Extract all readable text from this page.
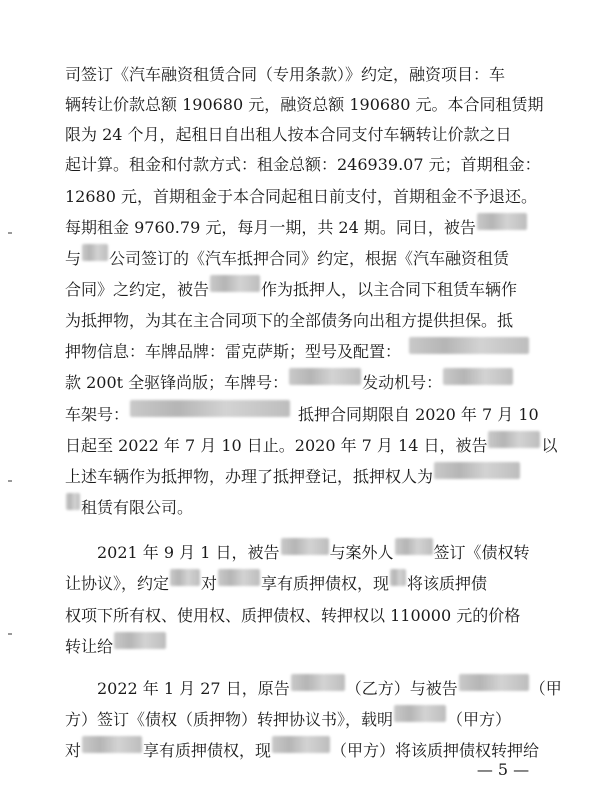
司签订《汽车融资租赁合同（专用条款）》约定，融资项目：车
辆转让价款总额 190680 元，融资总额 190680 元。本合同租赁期
限为 24 个月，起租日自出租人按本合同支付车辆转让价款之日
起计算。租金和付款方式：租金总额：246939.07 元；首期租金：
12680 元，首期租金于本合同起租日前支付，首期租金不予退还。
每期租金 9760.79 元，每月一期，共 24 期。同日，被告
与 公司签订的《汽车抵押合同》约定，根据《汽车融资租赁
合同》之约定，被告	作为抵押人，以主合同下租赁车辆作
为抵押物，为其在主合同项下的全部债务向出租方提供担保。抵
押物信息：车牌品牌：雷克萨斯；型号及配置：
款 200t 全驱锋尚版；车牌号：	发动机号：
车架号：	抵押合同期限自 2020 年 7 月 10
日起至 2022 年 7 月 10 日止。2020 年 7 月 14 日，被告	以
上述车辆作为抵押物，办理了抵押登记，抵押权人为
租赁有限公司。
2021 年 9 月 1 日，被告	与案外人	签订《债权转
让协议》，约定 对	享有质押债权，现 将该质押债
权项下所有权、使用权、质押债权、转押权以 110000 元的价格
转让给
2022 年 1 月 27 日，原告	（乙方）与被告	（甲
方）签订《债权（质押物）转押协议书》，载明	（甲方）
对	享有质押债权，现	（甲方）将该质押债权转押给
— 5 —
